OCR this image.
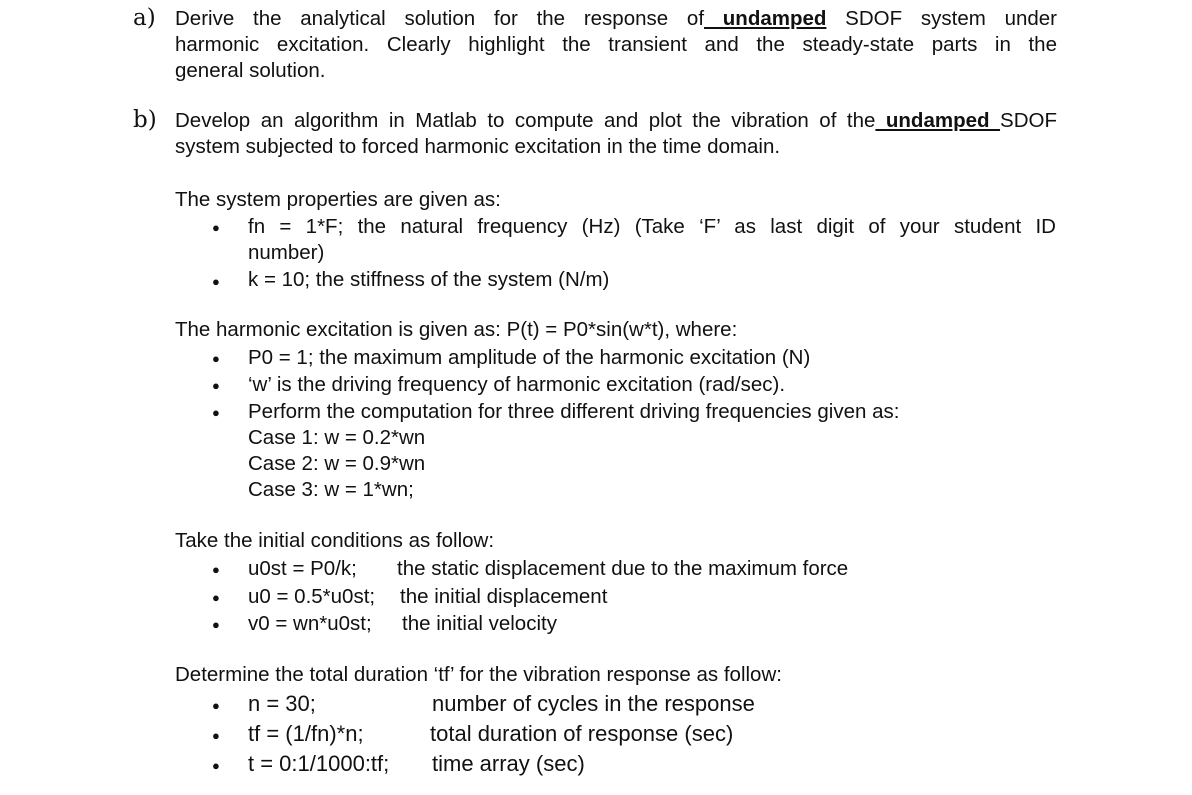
a) Derive the analytical solution for the response of undamped SDOF system under
harmonic excitation. Clearly highlight the transient and the steady-state parts in the
general solution.
b) Develop an algorithm in Matlab to compute and plot the vibration of the undamped SDOF
system subjected to forced harmonic excitation in the time domain.
The system properties are given as:
● fn = 1*F; the natural frequency (Hz) (Take ‘F’ as last digit of your student ID
number)
● k = 10; the stiffness of the system (N/m)
The harmonic excitation is given as: P(t) = P0*sin(w*t), where:
● P0 = 1; the maximum amplitude of the harmonic excitation (N)
● ‘w’ is the driving frequency of harmonic excitation (rad/sec).
● Perform the computation for three different driving frequencies given as:
Case 1: w = 0.2*wn
Case 2: w = 0.9*wn
Case 3: w = 1*wn;
Take the initial conditions as follow:
● u0st = P0/k; the static displacement due to the maximum force
● u0 = 0.5*u0st; the initial displacement
● v0 = wn*u0st; the initial velocity
Determine the total duration ‘tf’ for the vibration response as follow:
● n = 30;	number of cycles in the response
● tf = (1/fn)*n;	total duration of response (sec)
● t = 0:1/1000:tf; time array (sec)
